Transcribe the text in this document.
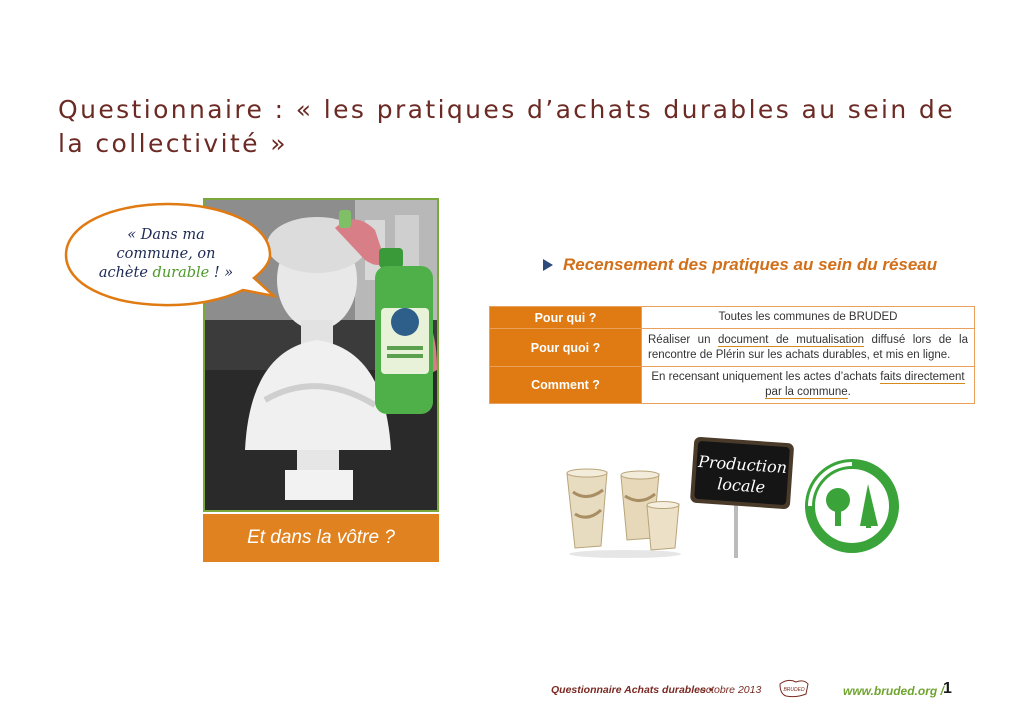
Questionnaire : « les pratiques d’achats durables au sein de la collectivité »
« Dans ma
commune, on
achète durable ! »
Et dans la vôtre ?
Recensement des pratiques au sein du réseau
Pour qui ?	Toutes les communes de BRUDED
Pour quoi ?	Réaliser un document de mutualisation diffusé lors de la rencontre de Plérin sur les achats durables, et mis en ligne.
Comment ?	En recensant uniquement les actes d’achats faits directement par la commune.
Production
locale
Questionnaire Achats durables •
octobre 2013	BRUDED	www.bruded.org / 1
